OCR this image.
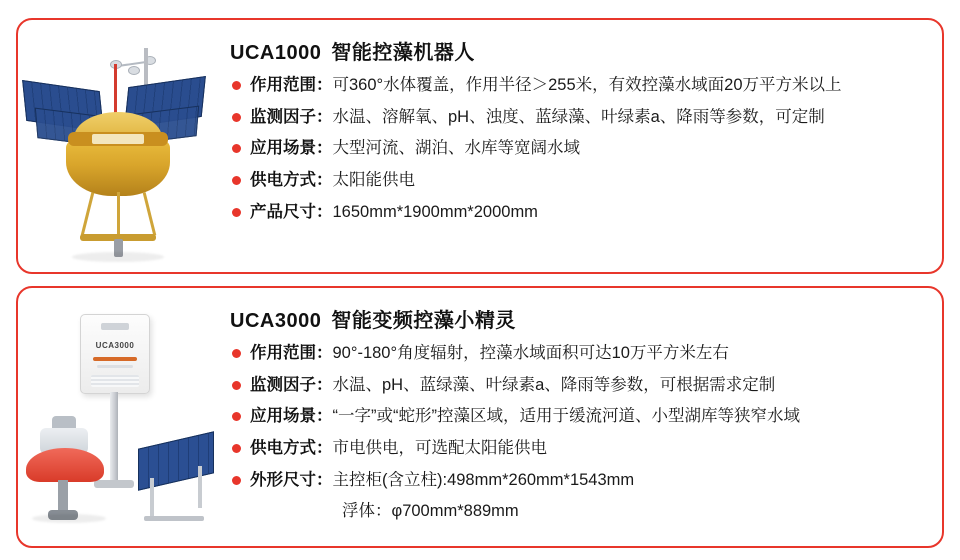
UCA1000 智能控藻机器人
作用范围：可360°水体覆盖，作用半径＞255米，有效控藻水域面20万平方米以上
监测因子：水温、溶解氧、pH、浊度、蓝绿藻、叶绿素a、降雨等参数，可定制
应用场景：大型河流、湖泊、水库等宽阔水域
供电方式：太阳能供电
产品尺寸：1650mm*1900mm*2000mm
UCA3000
UCA3000 智能变频控藻小精灵
作用范围：90°-180°角度辐射，控藻水域面积可达10万平方米左右
监测因子：水温、pH、蓝绿藻、叶绿素a、降雨等参数，可根据需求定制
应用场景：“一字”或“蛇形”控藻区域，适用于缓流河道、小型湖库等狭窄水域
供电方式：市电供电，可选配太阳能供电
外形尺寸：主控柜(含立柱):498mm*260mm*1543mm
浮体：φ700mm*889mm
